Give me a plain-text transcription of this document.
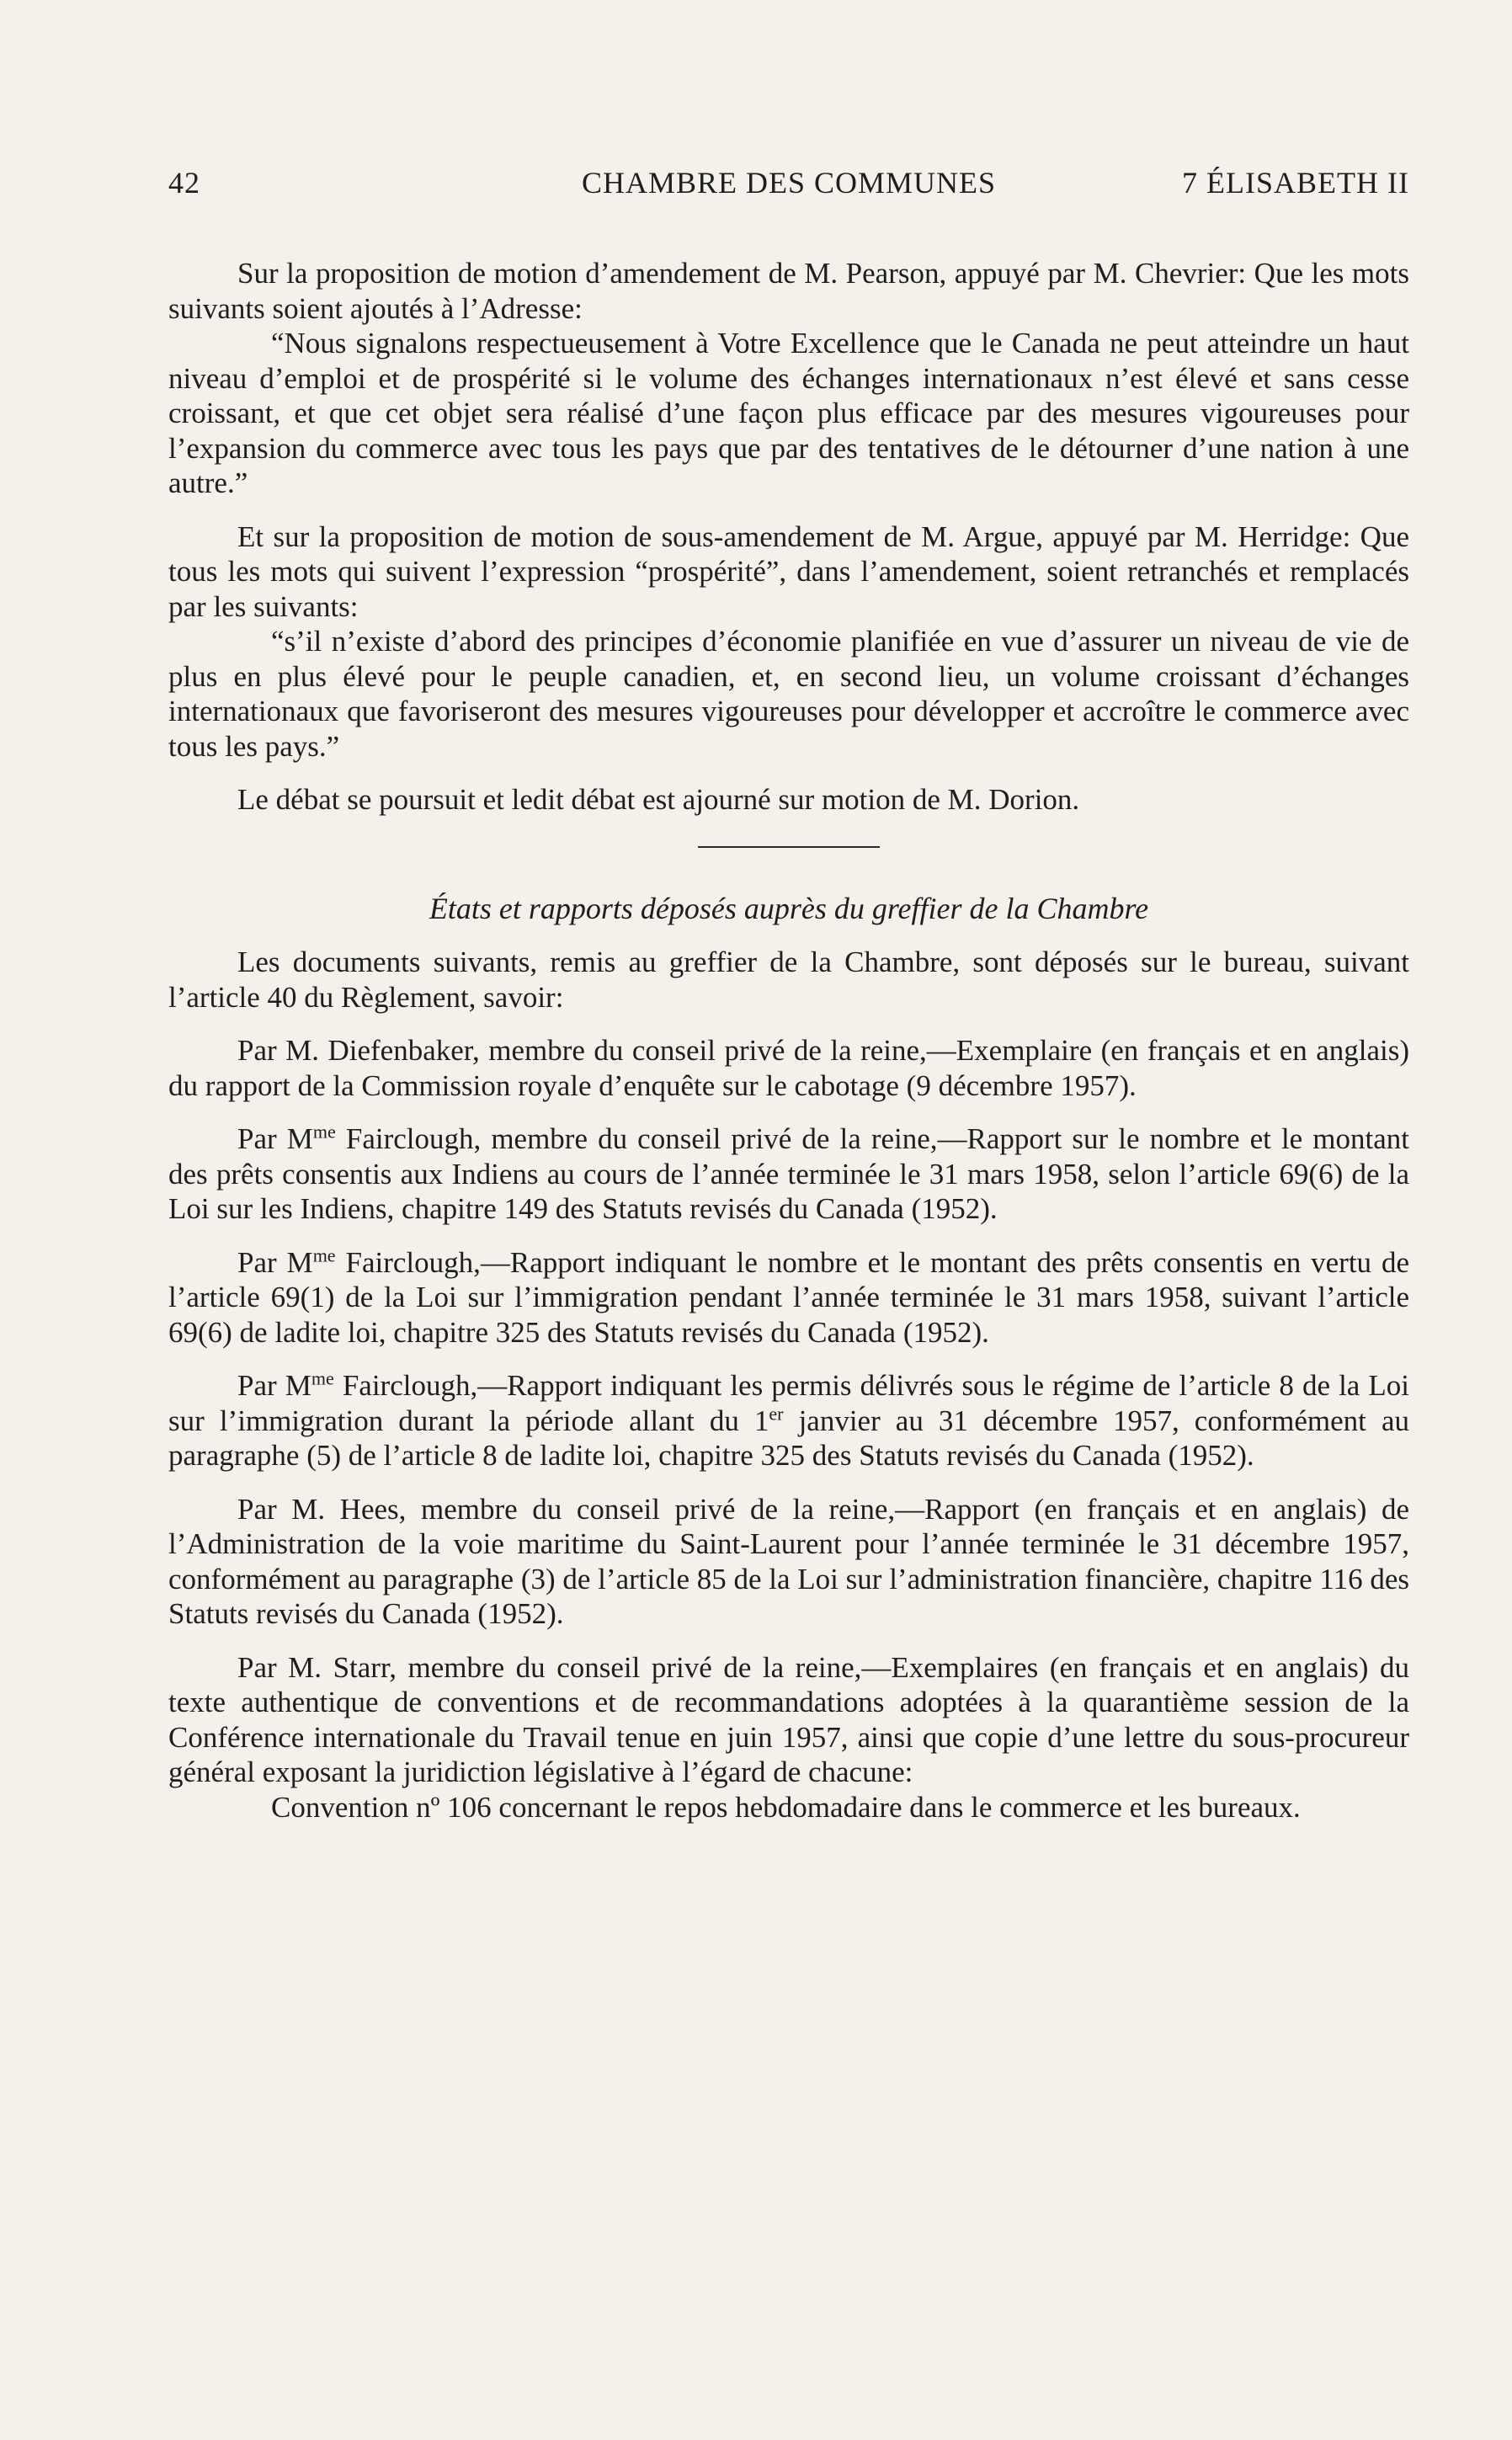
42	CHAMBRE DES COMMUNES	7 ÉLISABETH II

Sur la proposition de motion d’amendement de M. Pearson, appuyé par M. Chevrier: Que les mots suivants soient ajoutés à l’Adresse:

“Nous signalons respectueusement à Votre Excellence que le Canada ne peut atteindre un haut niveau d’emploi et de prospérité si le volume des échanges internationaux n’est élevé et sans cesse croissant, et que cet objet sera réalisé d’une façon plus efficace par des mesures vigoureuses pour l’expansion du commerce avec tous les pays que par des tentatives de le détourner d’une nation à une autre.”

Et sur la proposition de motion de sous-amendement de M. Argue, appuyé par M. Herridge: Que tous les mots qui suivent l’expression “prospérité”, dans l’amendement, soient retranchés et remplacés par les suivants:

“s’il n’existe d’abord des principes d’économie planifiée en vue d’assurer un niveau de vie de plus en plus élevé pour le peuple canadien, et, en second lieu, un volume croissant d’échanges internationaux que favoriseront des mesures vigoureuses pour développer et accroître le commerce avec tous les pays.”

Le débat se poursuit et ledit débat est ajourné sur motion de M. Dorion.

États et rapports déposés auprès du greffier de la Chambre

Les documents suivants, remis au greffier de la Chambre, sont déposés sur le bureau, suivant l’article 40 du Règlement, savoir:

Par M. Diefenbaker, membre du conseil privé de la reine,—Exemplaire (en français et en anglais) du rapport de la Commission royale d’enquête sur le cabotage (9 décembre 1957).

Par $M^{me}$ Fairclough, membre du conseil privé de la reine,—Rapport sur le nombre et le montant des prêts consentis aux Indiens au cours de l’année terminée le 31 mars 1958, selon l’article 69(6) de la Loi sur les Indiens, chapitre 149 des Statuts revisés du Canada (1952).

Par $M^{me}$ Fairclough,—Rapport indiquant le nombre et le montant des prêts consentis en vertu de l’article 69(1) de la Loi sur l’immigration pendant l’année terminée le 31 mars 1958, suivant l’article 69(6) de ladite loi, chapitre 325 des Statuts revisés du Canada (1952).

Par $M^{me}$ Fairclough,—Rapport indiquant les permis délivrés sous le régime de l’article 8 de la Loi sur l’immigration durant la période allant du 1er janvier au 31 décembre 1957, conformément au paragraphe (5) de l’article 8 de ladite loi, chapitre 325 des Statuts revisés du Canada (1952).

Par M. Hees, membre du conseil privé de la reine,—Rapport (en français et en anglais) de l’Administration de la voie maritime du Saint-Laurent pour l’année terminée le 31 décembre 1957, conformément au paragraphe (3) de l’article 85 de la Loi sur l’administration financière, chapitre 116 des Statuts revisés du Canada (1952).

Par M. Starr, membre du conseil privé de la reine,—Exemplaires (en français et en anglais) du texte authentique de conventions et de recommandations adoptées à la quarantième session de la Conférence internationale du Travail tenue en juin 1957, ainsi que copie d’une lettre du sous-procureur général exposant la juridiction législative à l’égard de chacune:

Convention nº 106 concernant le repos hebdomadaire dans le commerce et les bureaux.
